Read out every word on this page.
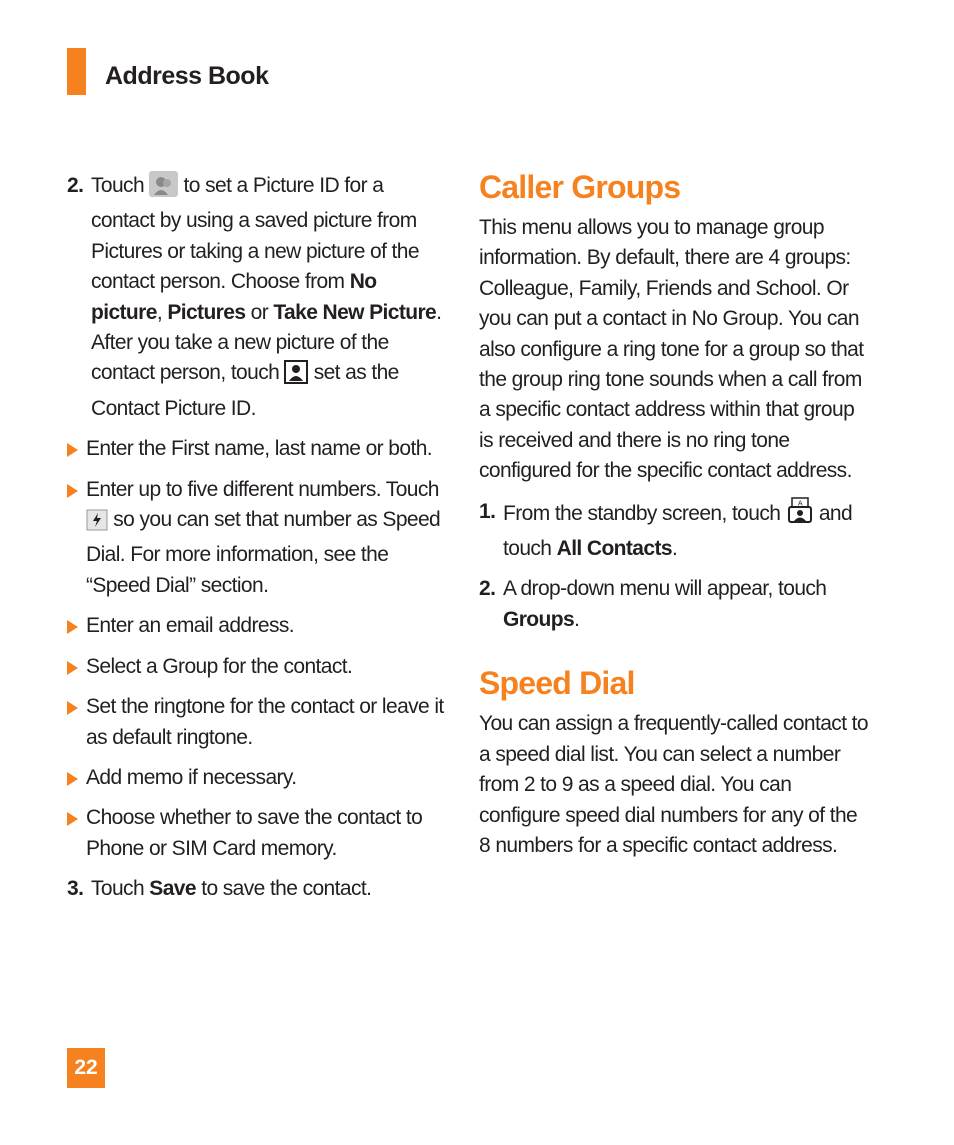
Address Book
2. Touch to set a Picture ID for a contact by using a saved picture from Pictures or taking a new picture of the contact person. Choose from No picture, Pictures or Take New Picture. After you take a new picture of the contact person, touch set as the Contact Picture ID.
Enter the First name, last name or both.
Enter up to five different numbers. Touch  so you can set that number as Speed Dial. For more information, see the “Speed Dial” section.
Enter an email address.
Select a Group for the contact.
Set the ringtone for the contact or leave it as default ringtone.
Add memo if necessary.
Choose whether to save the contact to Phone or SIM Card memory.
3. Touch Save to save the contact.
Caller Groups
This menu allows you to manage group information. By default, there are 4 groups: Colleague, Family, Friends and School. Or you can put a contact in No Group. You can also configure a ring tone for a group so that the group ring tone sounds when a call from a specific contact address within that group is received and there is no ring tone configured for the specific contact address.
1. From the standby screen, touch A and touch All Contacts.
2. A drop-down menu will appear, touch Groups.
Speed Dial
You can assign a frequently-called contact to a speed dial list. You can select a number from 2 to 9 as a speed dial. You can configure speed dial numbers for any of the 8 numbers for a specific contact address.
22
